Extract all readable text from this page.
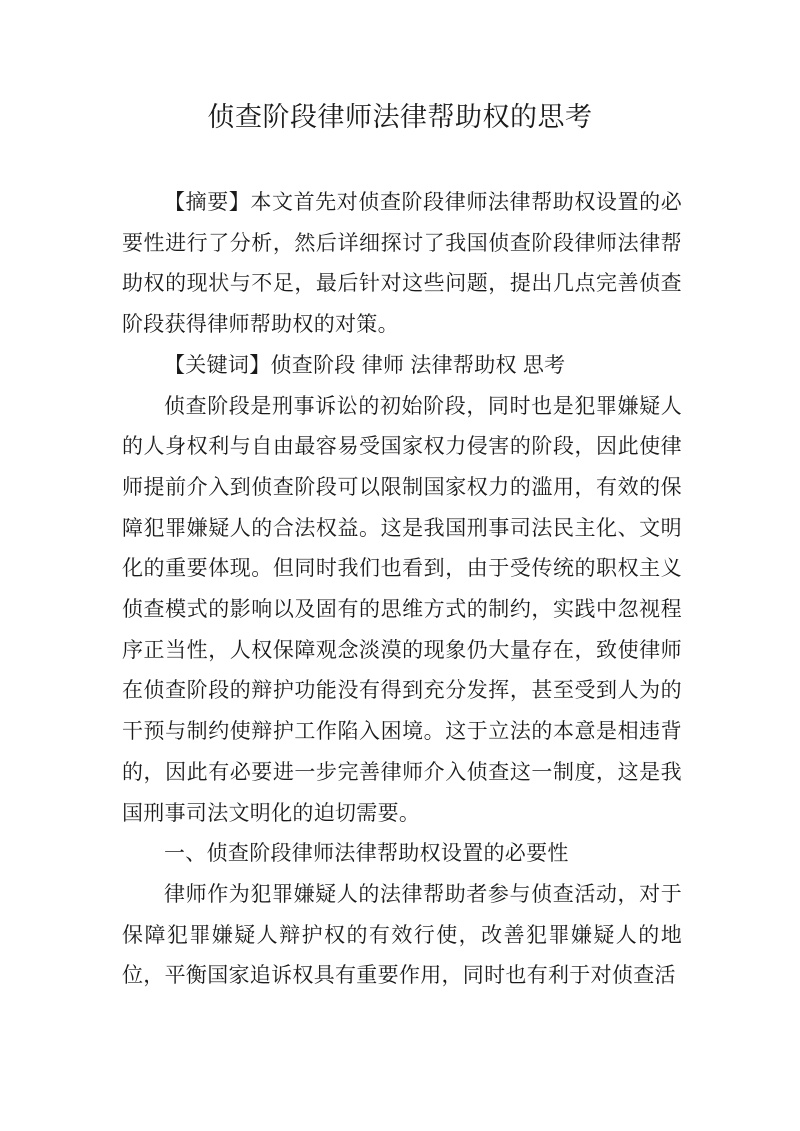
侦查阶段律师法律帮助权的思考

【摘要】本文首先对侦查阶段律师法律帮助权设置的必要性进行了分析，然后详细探讨了我国侦查阶段律师法律帮助权的现状与不足，最后针对这些问题，提出几点完善侦查阶段获得律师帮助权的对策。

【关键词】侦查阶段 律师 法律帮助权 思考

侦查阶段是刑事诉讼的初始阶段，同时也是犯罪嫌疑人的人身权利与自由最容易受国家权力侵害的阶段，因此使律师提前介入到侦查阶段可以限制国家权力的滥用，有效的保障犯罪嫌疑人的合法权益。这是我国刑事司法民主化、文明化的重要体现。但同时我们也看到，由于受传统的职权主义侦查模式的影响以及固有的思维方式的制约，实践中忽视程序正当性，人权保障观念淡漠的现象仍大量存在，致使律师在侦查阶段的辩护功能没有得到充分发挥，甚至受到人为的干预与制约使辩护工作陷入困境。这于立法的本意是相违背的，因此有必要进一步完善律师介入侦查这一制度，这是我国刑事司法文明化的迫切需要。

一、侦查阶段律师法律帮助权设置的必要性

律师作为犯罪嫌疑人的法律帮助者参与侦查活动，对于保障犯罪嫌疑人辩护权的有效行使，改善犯罪嫌疑人的地位，平衡国家追诉权具有重要作用，同时也有利于对侦查活
